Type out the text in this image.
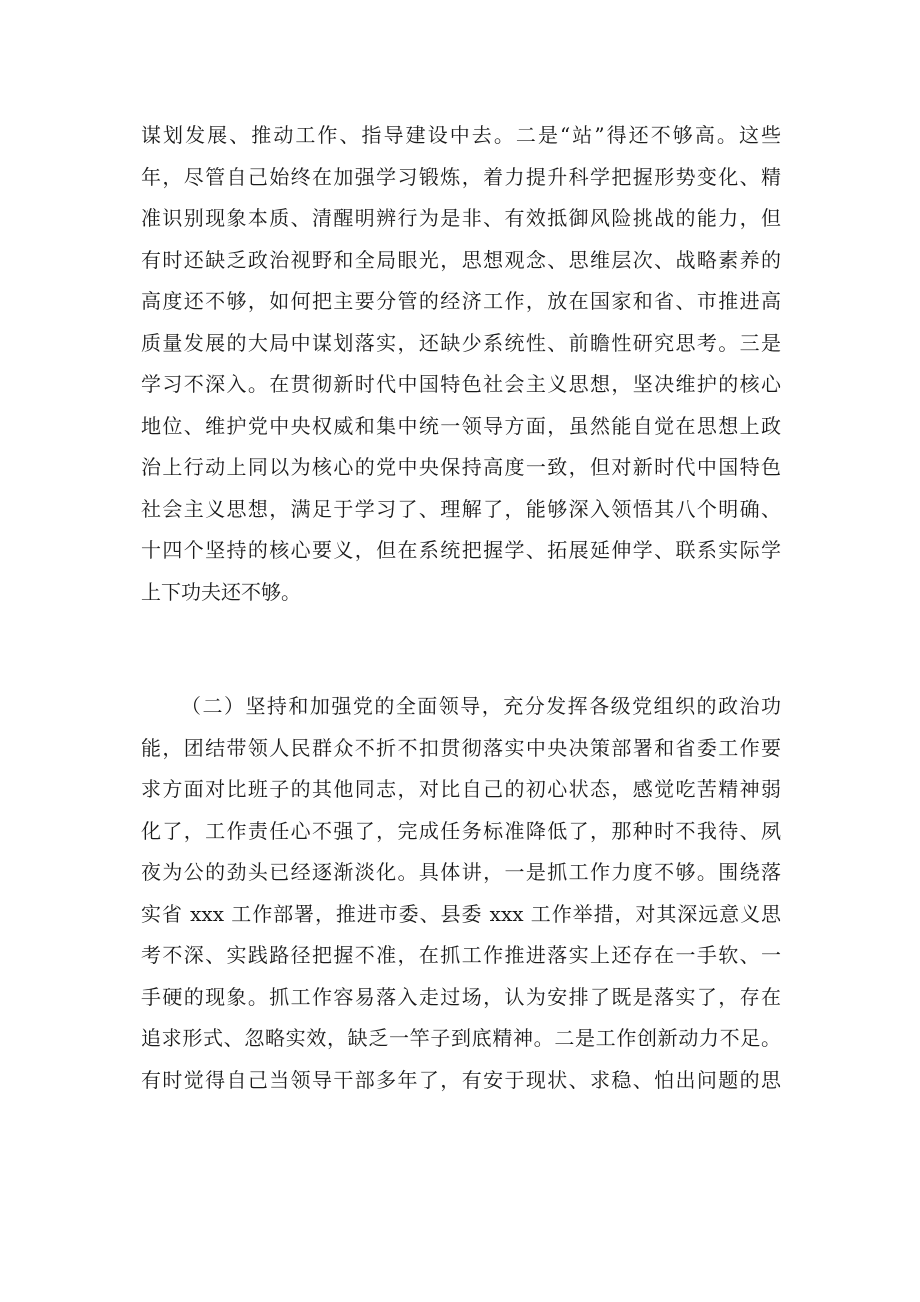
谋划发展、推动工作、指导建设中去。二是“站”得还不够高。这些
年，尽管自己始终在加强学习锻炼，着力提升科学把握形势变化、精
准识别现象本质、清醒明辨行为是非、有效抵御风险挑战的能力，但
有时还缺乏政治视野和全局眼光，思想观念、思维层次、战略素养的
高度还不够，如何把主要分管的经济工作，放在国家和省、市推进高
质量发展的大局中谋划落实，还缺少系统性、前瞻性研究思考。三是
学习不深入。在贯彻新时代中国特色社会主义思想，坚决维护的核心
地位、维护党中央权威和集中统一领导方面，虽然能自觉在思想上政
治上行动上同以为核心的党中央保持高度一致，但对新时代中国特色
社会主义思想，满足于学习了、理解了，能够深入领悟其八个明确、
十四个坚持的核心要义，但在系统把握学、拓展延伸学、联系实际学
上下功夫还不够。
（二）坚持和加强党的全面领导，充分发挥各级党组织的政治功
能，团结带领人民群众不折不扣贯彻落实中央决策部署和省委工作要
求方面对比班子的其他同志，对比自己的初心状态，感觉吃苦精神弱
化了，工作责任心不强了，完成任务标准降低了，那种时不我待、夙
夜为公的劲头已经逐渐淡化。具体讲，一是抓工作力度不够。围绕落
实省 xxx 工作部署，推进市委、县委 xxx 工作举措，对其深远意义思
考不深、实践路径把握不准，在抓工作推进落实上还存在一手软、一
手硬的现象。抓工作容易落入走过场，认为安排了既是落实了，存在
追求形式、忽略实效，缺乏一竿子到底精神。二是工作创新动力不足。
有时觉得自己当领导干部多年了，有安于现状、求稳、怕出问题的思
